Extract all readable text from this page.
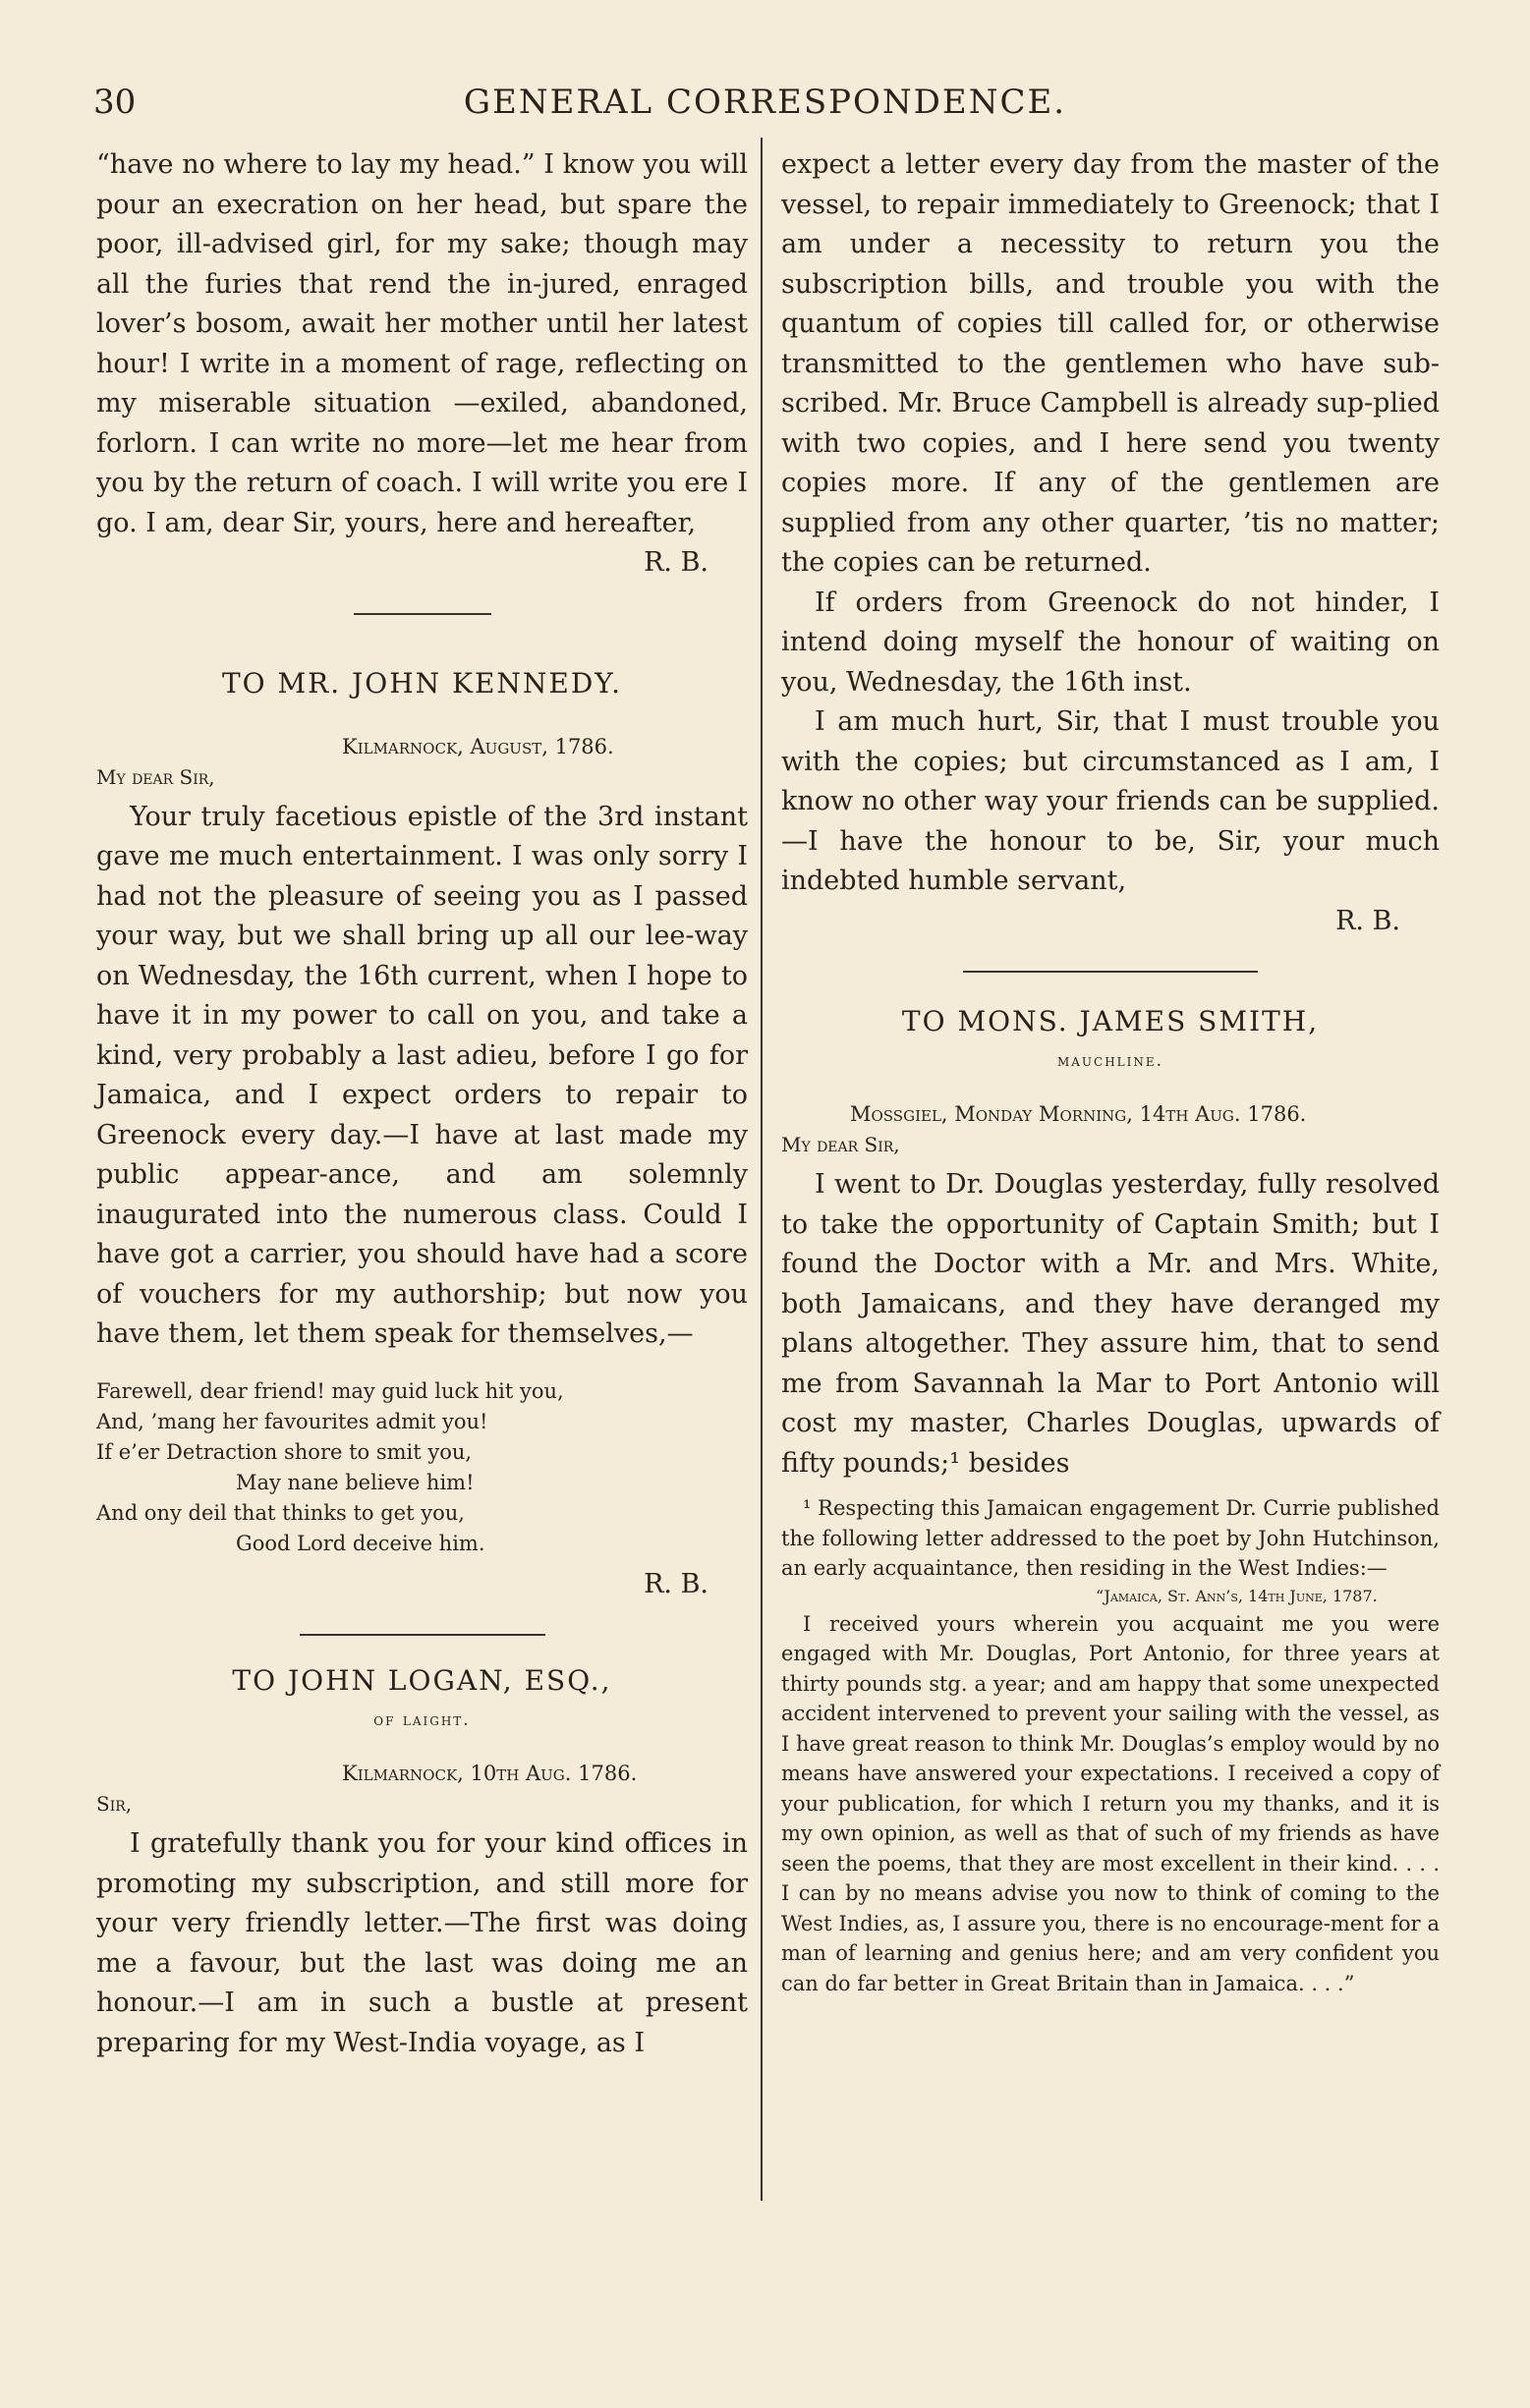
30	GENERAL CORRESPONDENCE.

“have no where to lay my head.” I know you will pour an execration on her head, but spare the poor, ill-advised girl, for my sake; though may all the furies that rend the in-jured, enraged lover’s bosom, await her mother until her latest hour! I write in a moment of rage, reflecting on my miserable situation —exiled, abandoned, forlorn. I can write no more—let me hear from you by the return of coach. I will write you ere I go. I am, dear Sir, yours, here and hereafter,

R. B.
TO MR. JOHN KENNEDY.
Kilmarnock, August, 1786.
My dear Sir,

Your truly facetious epistle of the 3rd instant gave me much entertainment. I was only sorry I had not the pleasure of seeing you as I passed your way, but we shall bring up all our lee-way on Wednesday, the 16th current, when I hope to have it in my power to call on you, and take a kind, very probably a last adieu, before I go for Jamaica, and I expect orders to repair to Greenock every day.—I have at last made my public appear-ance, and am solemnly inaugurated into the numerous class. Could I have got a carrier, you should have had a score of vouchers for my authorship; but now you have them, let them speak for themselves,—

Farewell, dear friend! may guid luck hit you,
And, ’mang her favourites admit you!
If e’er Detraction shore to smit you,
May nane believe him!
And ony deil that thinks to get you,
Good Lord deceive him.
R. B.
TO JOHN LOGAN, ESQ.,
of laight.
Kilmarnock, 10th Aug. 1786.
Sir,

I gratefully thank you for your kind offices in promoting my subscription, and still more for your very friendly letter.—The first was doing me a favour, but the last was doing me an honour.—I am in such a bustle at present preparing for my West-India voyage, as I

expect a letter every day from the master of the vessel, to repair immediately to Greenock; that I am under a necessity to return you the subscription bills, and trouble you with the quantum of copies till called for, or otherwise transmitted to the gentlemen who have sub-scribed. Mr. Bruce Campbell is already sup-plied with two copies, and I here send you twenty copies more. If any of the gentlemen are supplied from any other quarter, ’tis no matter; the copies can be returned.

If orders from Greenock do not hinder, I intend doing myself the honour of waiting on you, Wednesday, the 16th inst.

I am much hurt, Sir, that I must trouble you with the copies; but circumstanced as I am, I know no other way your friends can be supplied.—I have the honour to be, Sir, your much indebted humble servant,

R. B.
TO MONS. JAMES SMITH,
mauchline.
Mossgiel, Monday Morning, 14th Aug. 1786.
My dear Sir,

I went to Dr. Douglas yesterday, fully resolved to take the opportunity of Captain Smith; but I found the Doctor with a Mr. and Mrs. White, both Jamaicans, and they have deranged my plans altogether. They assure him, that to send me from Savannah la Mar to Port Antonio will cost my master, Charles Douglas, upwards of fifty pounds;¹ besides

¹ Respecting this Jamaican engagement Dr. Currie published the following letter addressed to the poet by John Hutchinson, an early acquaintance, then residing in the West Indies:—
“Jamaica, St. Ann’s, 14th June, 1787.
I received yours wherein you acquaint me you were engaged with Mr. Douglas, Port Antonio, for three years at thirty pounds stg. a year; and am happy that some unexpected accident intervened to prevent your sailing with the vessel, as I have great reason to think Mr. Douglas’s employ would by no means have answered your expectations. I received a copy of your publication, for which I return you my thanks, and it is my own opinion, as well as that of such of my friends as have seen the poems, that they are most excellent in their kind. . . . I can by no means advise you now to think of coming to the West Indies, as, I assure you, there is no encourage-ment for a man of learning and genius here; and am very confident you can do far better in Great Britain than in Jamaica. . . .”
